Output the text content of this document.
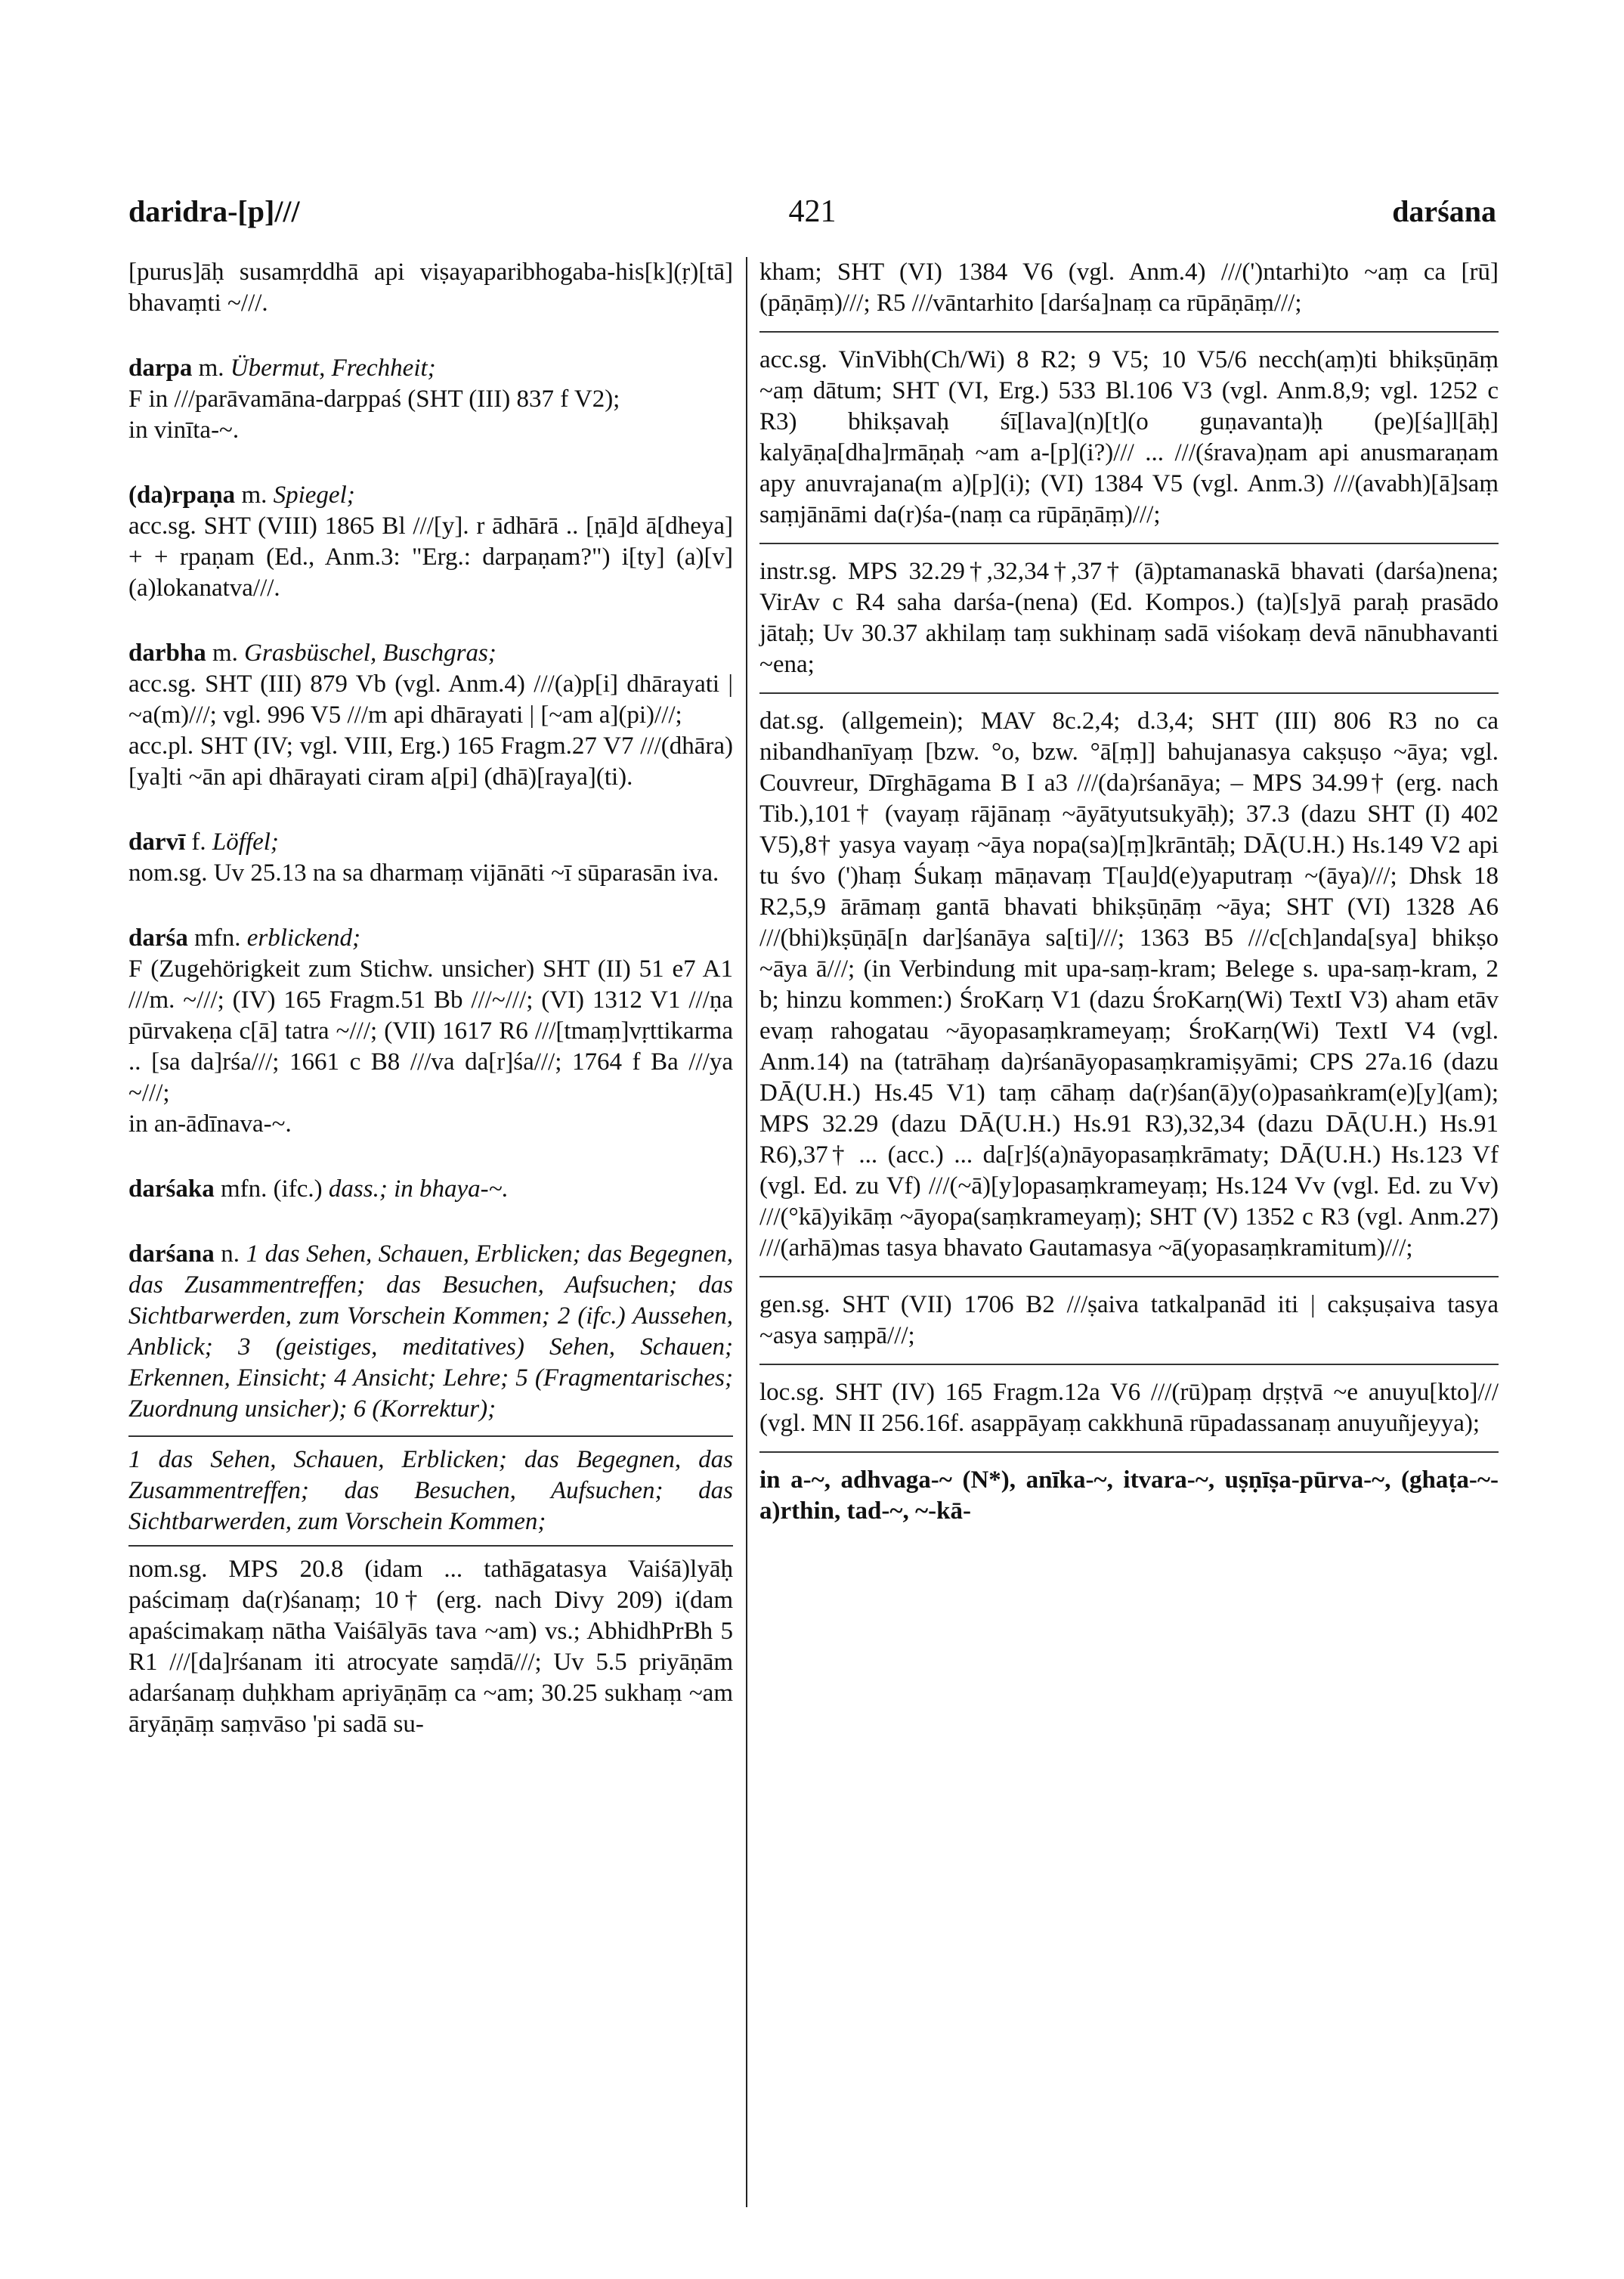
daridra-[p]///	421	darśana

[purus]āḥ susamṛddhā api viṣayaparibhogaba-his[k](ṛ)[tā] bhavaṃti ~///.

darpa m. Übermut, Frechheit;

F in ///parāvamāna-darppaś (SHT (III) 837 f V2);

in vinīta-~.

(da)rpaṇa m. Spiegel;

acc.sg. SHT (VIII) 1865 Bl ///[y]. r ādhārā .. [ṇā]d ā[dheya] + + rpaṇam (Ed., Anm.3: "Erg.: darpaṇam?") i[ty] (a)[v](a)lokanatva///.

darbha m. Grasbüschel, Buschgras;

acc.sg. SHT (III) 879 Vb (vgl. Anm.4) ///(a)p[i] dhārayati | ~a(m)///; vgl. 996 V5 ///m api dhārayati | [~am a](pi)///;

acc.pl. SHT (IV; vgl. VIII, Erg.) 165 Fragm.27 V7 ///(dhāra)[ya]ti ~ān api dhārayati ciram a[pi] (dhā)[raya](ti).

darvī f. Löffel;

nom.sg. Uv 25.13 na sa dharmaṃ vijānāti ~ī sūparasān iva.

darśa mfn. erblickend;

F (Zugehörigkeit zum Stichw. unsicher) SHT (II) 51 e7 A1 ///m. ~///; (IV) 165 Fragm.51 Bb ///~///; (VI) 1312 V1 ///ṇa pūrvakeṇa c[ā] tatra ~///; (VII) 1617 R6 ///[tmaṃ]vṛttikarma .. [sa da]rśa///; 1661 c B8 ///va da[r]śa///; 1764 f Ba ///ya ~///;

in an-ādīnava-~.

darśaka mfn. (ifc.) dass.; in bhaya-~.

darśana n. 1 das Sehen, Schauen, Erblicken; das Begegnen, das Zusammentreffen; das Besuchen, Aufsuchen; das Sichtbarwerden, zum Vorschein Kommen; 2 (ifc.) Aussehen, Anblick; 3 (geistiges, meditatives) Sehen, Schauen; Erkennen, Einsicht; 4 Ansicht; Lehre; 5 (Fragmentarisches; Zuordnung unsicher); 6 (Korrektur);

1 das Sehen, Schauen, Erblicken; das Begegnen, das Zusammentreffen; das Besuchen, Aufsuchen; das Sichtbarwerden, zum Vorschein Kommen;

nom.sg. MPS 20.8 (idam ... tathāgatasya Vaiśā)lyāḥ paścimaṃ da(r)śanaṃ; 10† (erg. nach Divy 209) i(dam apaścimakaṃ nātha Vaiśālyās tava ~am) vs.; AbhidhPrBh 5 R1 ///[da]rśanam iti atrocyate saṃdā///; Uv 5.5 priyāṇām adarśanaṃ duḥkham apriyāṇāṃ ca ~am; 30.25 sukhaṃ ~am āryāṇāṃ saṃvāso 'pi sadā su-

kham; SHT (VI) 1384 V6 (vgl. Anm.4) ///(')ntarhi)to ~aṃ ca [rū](pāṇāṃ)///; R5 ///vāntarhito [darśa]naṃ ca rūpāṇāṃ///;

acc.sg. VinVibh(Ch/Wi) 8 R2; 9 V5; 10 V5/6 necch(aṃ)ti bhikṣūṇāṃ ~aṃ dātum; SHT (VI, Erg.) 533 Bl.106 V3 (vgl. Anm.8,9; vgl. 1252 c R3) bhikṣavaḥ śī[lava](n)[t](o guṇavanta)ḥ (pe)[śa]l[āḥ] kalyāṇa[dha]rmāṇaḥ ~am a-[p](i?)/// ... ///(śrava)ṇam api anusmaraṇam apy anuvrajana(m a)[p](i); (VI) 1384 V5 (vgl. Anm.3) ///(avabh)[ā]saṃ saṃjānāmi da(r)śa-(naṃ ca rūpāṇāṃ)///;

instr.sg. MPS 32.29†,32,34†,37† (ā)ptamanaskā bhavati (darśa)nena; VirAv c R4 saha darśa-(nena) (Ed. Kompos.) (ta)[s]yā paraḥ prasādo jātaḥ; Uv 30.37 akhilaṃ taṃ sukhinaṃ sadā viśokaṃ devā nānubhavanti ~ena;

dat.sg. (allgemein); MAV 8c.2,4; d.3,4; SHT (III) 806 R3 no ca nibandhanīyaṃ [bzw. °o, bzw. °ā[ṃ]] bahujanasya cakṣuṣo ~āya; vgl. Couvreur, Dīrghāgama B I a3 ///(da)rśanāya; – MPS 34.99† (erg. nach Tib.),101† (vayaṃ rājānaṃ ~āyātyutsukyāḥ); 37.3 (dazu SHT (I) 402 V5),8† yasya vayaṃ ~āya nopa(sa)[ṃ]krāntāḥ; DĀ(U.H.) Hs.149 V2 api tu śvo (')haṃ Śukaṃ māṇavaṃ T[au]d(e)yaputraṃ ~(āya)///; Dhsk 18 R2,5,9 ārāmaṃ gantā bhavati bhikṣūṇāṃ ~āya; SHT (VI) 1328 A6 ///(bhi)kṣūṇā[n dar]śanāya sa[ti]///; 1363 B5 ///c[ch]anda[sya] bhikṣo ~āya ā///; (in Verbindung mit upa-saṃ-kram; Belege s. upa-saṃ-kram, 2 b; hinzu kommen:) ŚroKarṇ V1 (dazu ŚroKarṇ(Wi) TextI V3) aham etāv evaṃ rahogatau ~āyopasaṃkrameyaṃ; ŚroKarṇ(Wi) TextI V4 (vgl. Anm.14) na (tatrāhaṃ da)rśanāyopasaṃkramiṣyāmi; CPS 27a.16 (dazu DĀ(U.H.) Hs.45 V1) taṃ cāhaṃ da(r)śan(ā)y(o)pasaṅkram(e)[y](am); MPS 32.29 (dazu DĀ(U.H.) Hs.91 R3),32,34 (dazu DĀ(U.H.) Hs.91 R6),37† ... (acc.) ... da[r]ś(a)nāyopasaṃkrāmaty; DĀ(U.H.) Hs.123 Vf (vgl. Ed. zu Vf) ///(~ā)[y]opasaṃkrameyaṃ; Hs.124 Vv (vgl. Ed. zu Vv) ///(°kā)yikāṃ ~āyopa(saṃkrameyaṃ); SHT (V) 1352 c R3 (vgl. Anm.27) ///(arhā)mas tasya bhavato Gautamasya ~ā(yopasaṃkramitum)///;

gen.sg. SHT (VII) 1706 B2 ///ṣaiva tatkalpanād iti | cakṣuṣaiva tasya ~asya saṃpā///;

loc.sg. SHT (IV) 165 Fragm.12a V6 ///(rū)paṃ dṛṣṭvā ~e anuyu[kto]/// (vgl. MN II 256.16f. asappāyaṃ cakkhunā rūpadassanaṃ anuyuñjeyya);

in a-~, adhvaga-~ (N*), anīka-~, itvara-~, uṣṇīṣa-pūrva-~, (ghaṭa-~-a)rthin, tad-~, ~-kā-
